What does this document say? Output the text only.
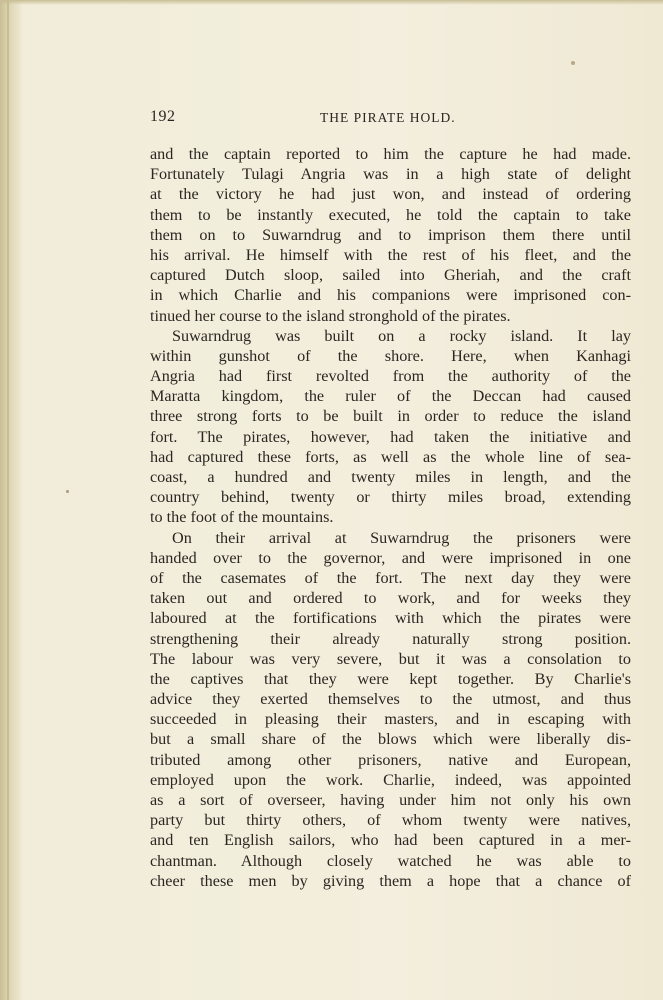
192	THE PIRATE HOLD.
and the captain reported to him the capture he had made.
Fortunately Tulagi Angria was in a high state of delight
at the victory he had just won, and instead of ordering
them to be instantly executed, he told the captain to take
them on to Suwarndrug and to imprison them there until
his arrival. He himself with the rest of his fleet, and the
captured Dutch sloop, sailed into Gheriah, and the craft
in which Charlie and his companions were imprisoned con-
tinued her course to the island stronghold of the pirates.
Suwarndrug was built on a rocky island. It lay
within gunshot of the shore. Here, when Kanhagi
Angria had first revolted from the authority of the
Maratta kingdom, the ruler of the Deccan had caused
three strong forts to be built in order to reduce the island
fort. The pirates, however, had taken the initiative and
had captured these forts, as well as the whole line of sea-
coast, a hundred and twenty miles in length, and the
country behind, twenty or thirty miles broad, extending
to the foot of the mountains.
On their arrival at Suwarndrug the prisoners were
handed over to the governor, and were imprisoned in one
of the casemates of the fort. The next day they were
taken out and ordered to work, and for weeks they
laboured at the fortifications with which the pirates were
strengthening their already naturally strong position.
The labour was very severe, but it was a consolation to
the captives that they were kept together. By Charlie's
advice they exerted themselves to the utmost, and thus
succeeded in pleasing their masters, and in escaping with
but a small share of the blows which were liberally dis-
tributed among other prisoners, native and European,
employed upon the work. Charlie, indeed, was appointed
as a sort of overseer, having under him not only his own
party but thirty others, of whom twenty were natives,
and ten English sailors, who had been captured in a mer-
chantman. Although closely watched he was able to
cheer these men by giving them a hope that a chance of
